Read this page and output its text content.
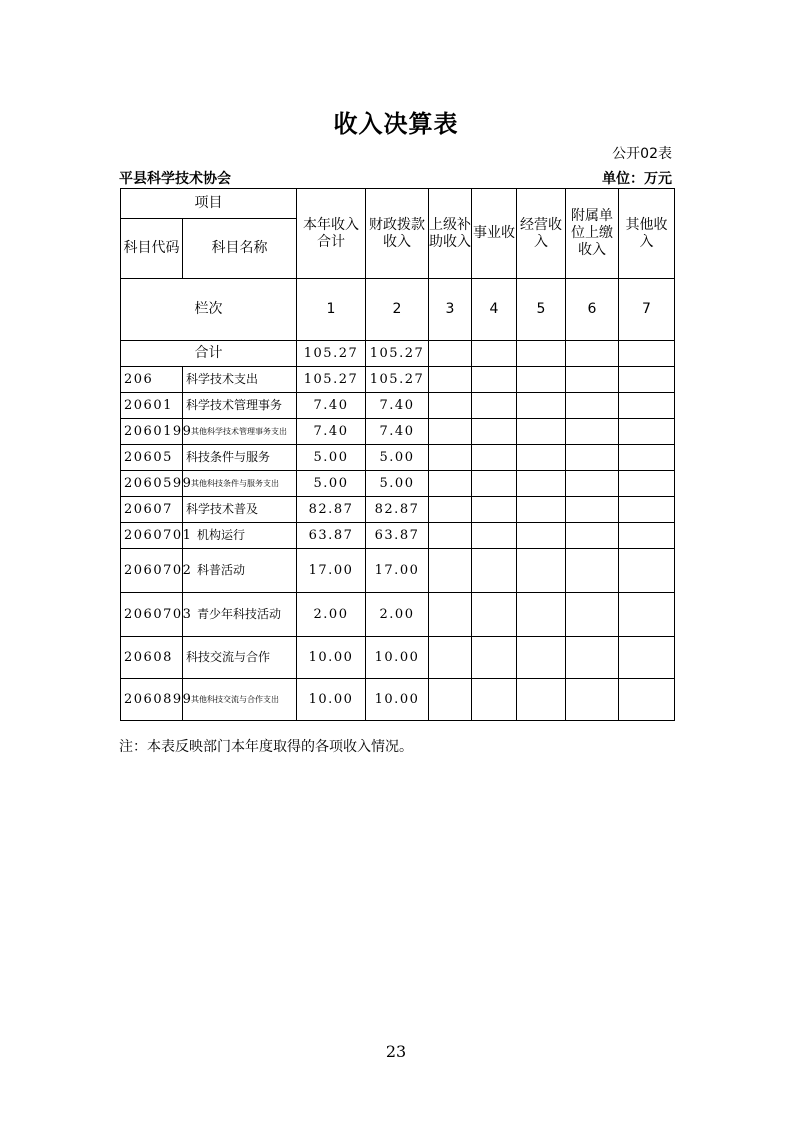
收入决算表
公开02表
平县科学技术协会	单位：万元
项目		本年收入合计	财政拨款收入	上级补助收入	事业收	经营收入	附属单位上缴收入	其他收入
科目代码	科目名称							
栏次		1	2	3	4	5	6	7
合计		105.27	105.27					
206	科学技术支出	105.27	105.27					
20601	科学技术管理事务	7.40	7.40					
2060199	其他科学技术管理事务支出	7.40	7.40					
20605	科技条件与服务	5.00	5.00					
2060599	其他科技条件与服务支出	5.00	5.00					
20607	科学技术普及	82.87	82.87					
2060701	机构运行	63.87	63.87					
2060702	科普活动	17.00	17.00					
2060703	青少年科技活动	2.00	2.00					
20608	科技交流与合作	10.00	10.00					
2060899	其他科技交流与合作支出	10.00	10.00					
注：本表反映部门本年度取得的各项收入情况。
23
